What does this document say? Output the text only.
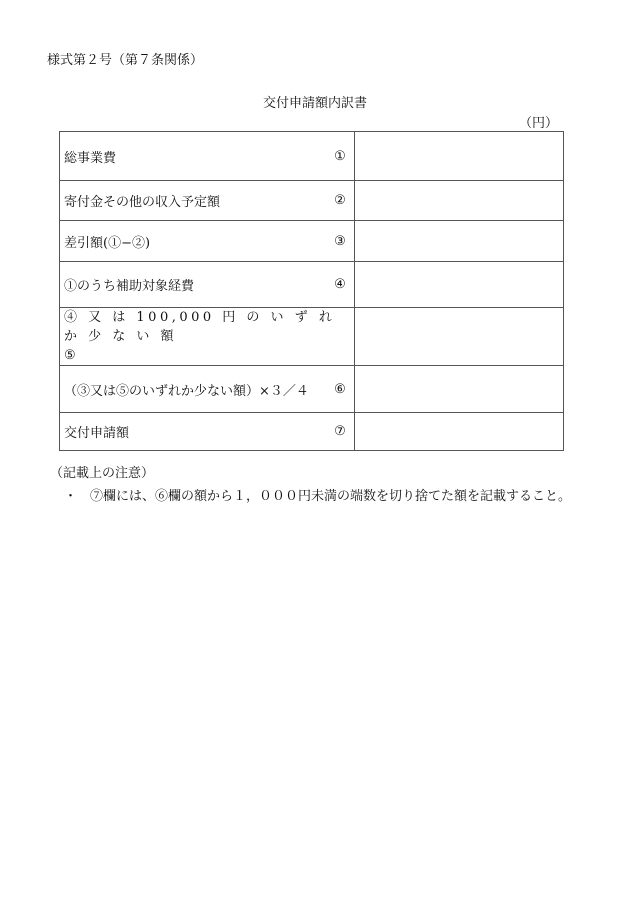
様式第２号（第７条関係）
交付申請額内訳書
（円）
総事業費 ①	

寄付金その他の収入予定額 ②	

差引額(①−②) ③	

①のうち補助対象経費 ④	

④ 又 は 100,000 円 の い ず れ か 少 な い 額
⑤	

（③又は⑤のいずれか少ない額）×３／４ ⑥	

交付申請額 ⑦	

（記載上の注意）
・　⑦欄には、⑥欄の額から１，０００円未満の端数を切り捨てた額を記載すること。
